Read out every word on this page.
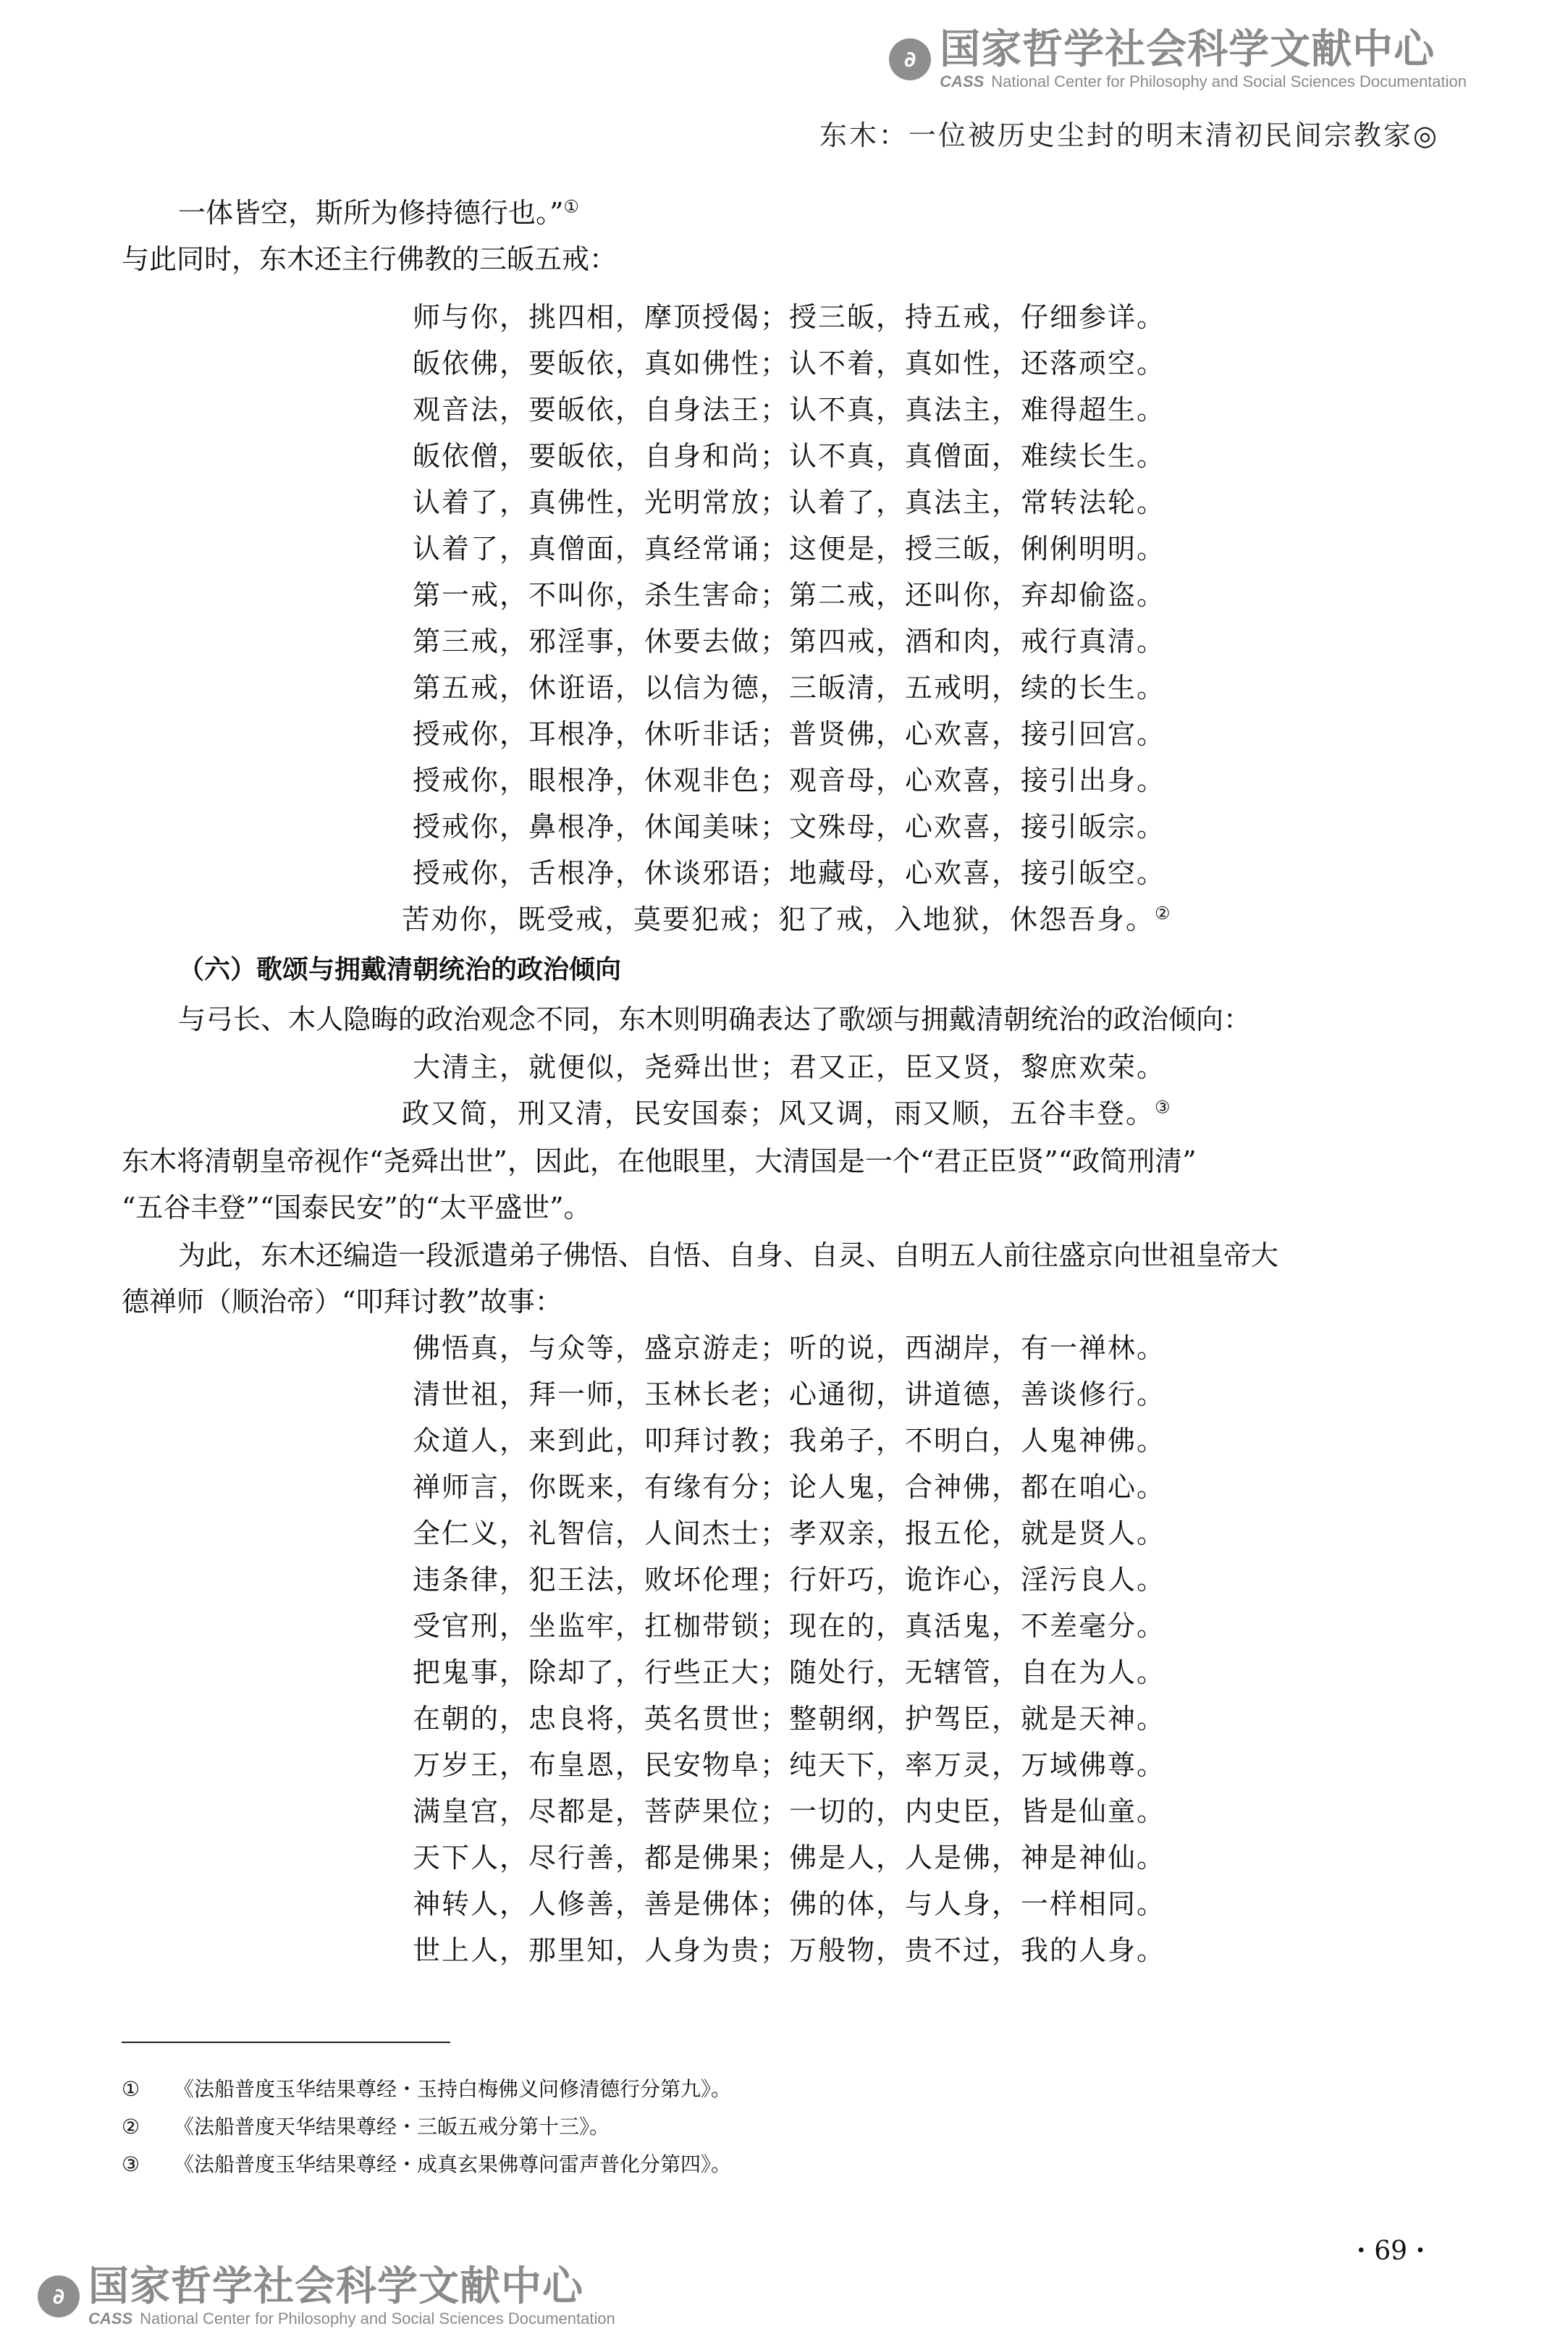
∂ 国家哲学社会科学文献中心
CASS National Center for Philosophy and Social Sciences Documentation
东木：一位被历史尘封的明末清初民间宗教家◎
一体皆空，斯所为修持德行也。”①
与此同时，东木还主行佛教的三皈五戒：
师与你，挑四相，摩顶授偈；授三皈，持五戒，仔细参详。
皈依佛，要皈依，真如佛性；认不着，真如性，还落顽空。
观音法，要皈依，自身法王；认不真，真法主，难得超生。
皈依僧，要皈依，自身和尚；认不真，真僧面，难续长生。
认着了，真佛性，光明常放；认着了，真法主，常转法轮。
认着了，真僧面，真经常诵；这便是，授三皈，俐俐明明。
第一戒，不叫你，杀生害命；第二戒，还叫你，弃却偷盗。
第三戒，邪淫事，休要去做；第四戒，酒和肉，戒行真清。
第五戒，休诳语，以信为德，三皈清，五戒明，续的长生。
授戒你，耳根净，休听非话；普贤佛，心欢喜，接引回宫。
授戒你，眼根净，休观非色；观音母，心欢喜，接引出身。
授戒你，鼻根净，休闻美味；文殊母，心欢喜，接引皈宗。
授戒你，舌根净，休谈邪语；地藏母，心欢喜，接引皈空。
苦劝你，既受戒，莫要犯戒；犯了戒，入地狱，休怨吾身。②
（六）歌颂与拥戴清朝统治的政治倾向
与弓长、木人隐晦的政治观念不同，东木则明确表达了歌颂与拥戴清朝统治的政治倾向：
大清主，就便似，尧舜出世；君又正，臣又贤，黎庶欢荣。
政又简，刑又清，民安国泰；风又调，雨又顺，五谷丰登。③
东木将清朝皇帝视作“尧舜出世”，因此，在他眼里，大清国是一个“君正臣贤”“政简刑清”
“五谷丰登”“国泰民安”的“太平盛世”。
为此，东木还编造一段派遣弟子佛悟、自悟、自身、自灵、自明五人前往盛京向世祖皇帝大
德禅师（顺治帝）“叩拜讨教”故事：
佛悟真，与众等，盛京游走；听的说，西湖岸，有一禅林。
清世祖，拜一师，玉林长老；心通彻，讲道德，善谈修行。
众道人，来到此，叩拜讨教；我弟子，不明白，人鬼神佛。
禅师言，你既来，有缘有分；论人鬼，合神佛，都在咱心。
全仁义，礼智信，人间杰士；孝双亲，报五伦，就是贤人。
违条律，犯王法，败坏伦理；行奸巧，诡诈心，淫污良人。
受官刑，坐监牢，扛枷带锁；现在的，真活鬼，不差毫分。
把鬼事，除却了，行些正大；随处行，无辖管，自在为人。
在朝的，忠良将，英名贯世；整朝纲，护驾臣，就是天神。
万岁王，布皇恩，民安物阜；纯天下，率万灵，万域佛尊。
满皇宫，尽都是，菩萨果位；一切的，内史臣，皆是仙童。
天下人，尽行善，都是佛果；佛是人，人是佛，神是神仙。
神转人，人修善，善是佛体；佛的体，与人身，一样相同。
世上人，那里知，人身为贵；万般物，贵不过，我的人身。
① 《法船普度玉华结果尊经・玉持白梅佛义问修清德行分第九》。
② 《法船普度天华结果尊经・三皈五戒分第十三》。
③ 《法船普度玉华结果尊经・成真玄果佛尊问雷声普化分第四》。
・69・
∂ 国家哲学社会科学文献中心
CASS National Center for Philosophy and Social Sciences Documentation
